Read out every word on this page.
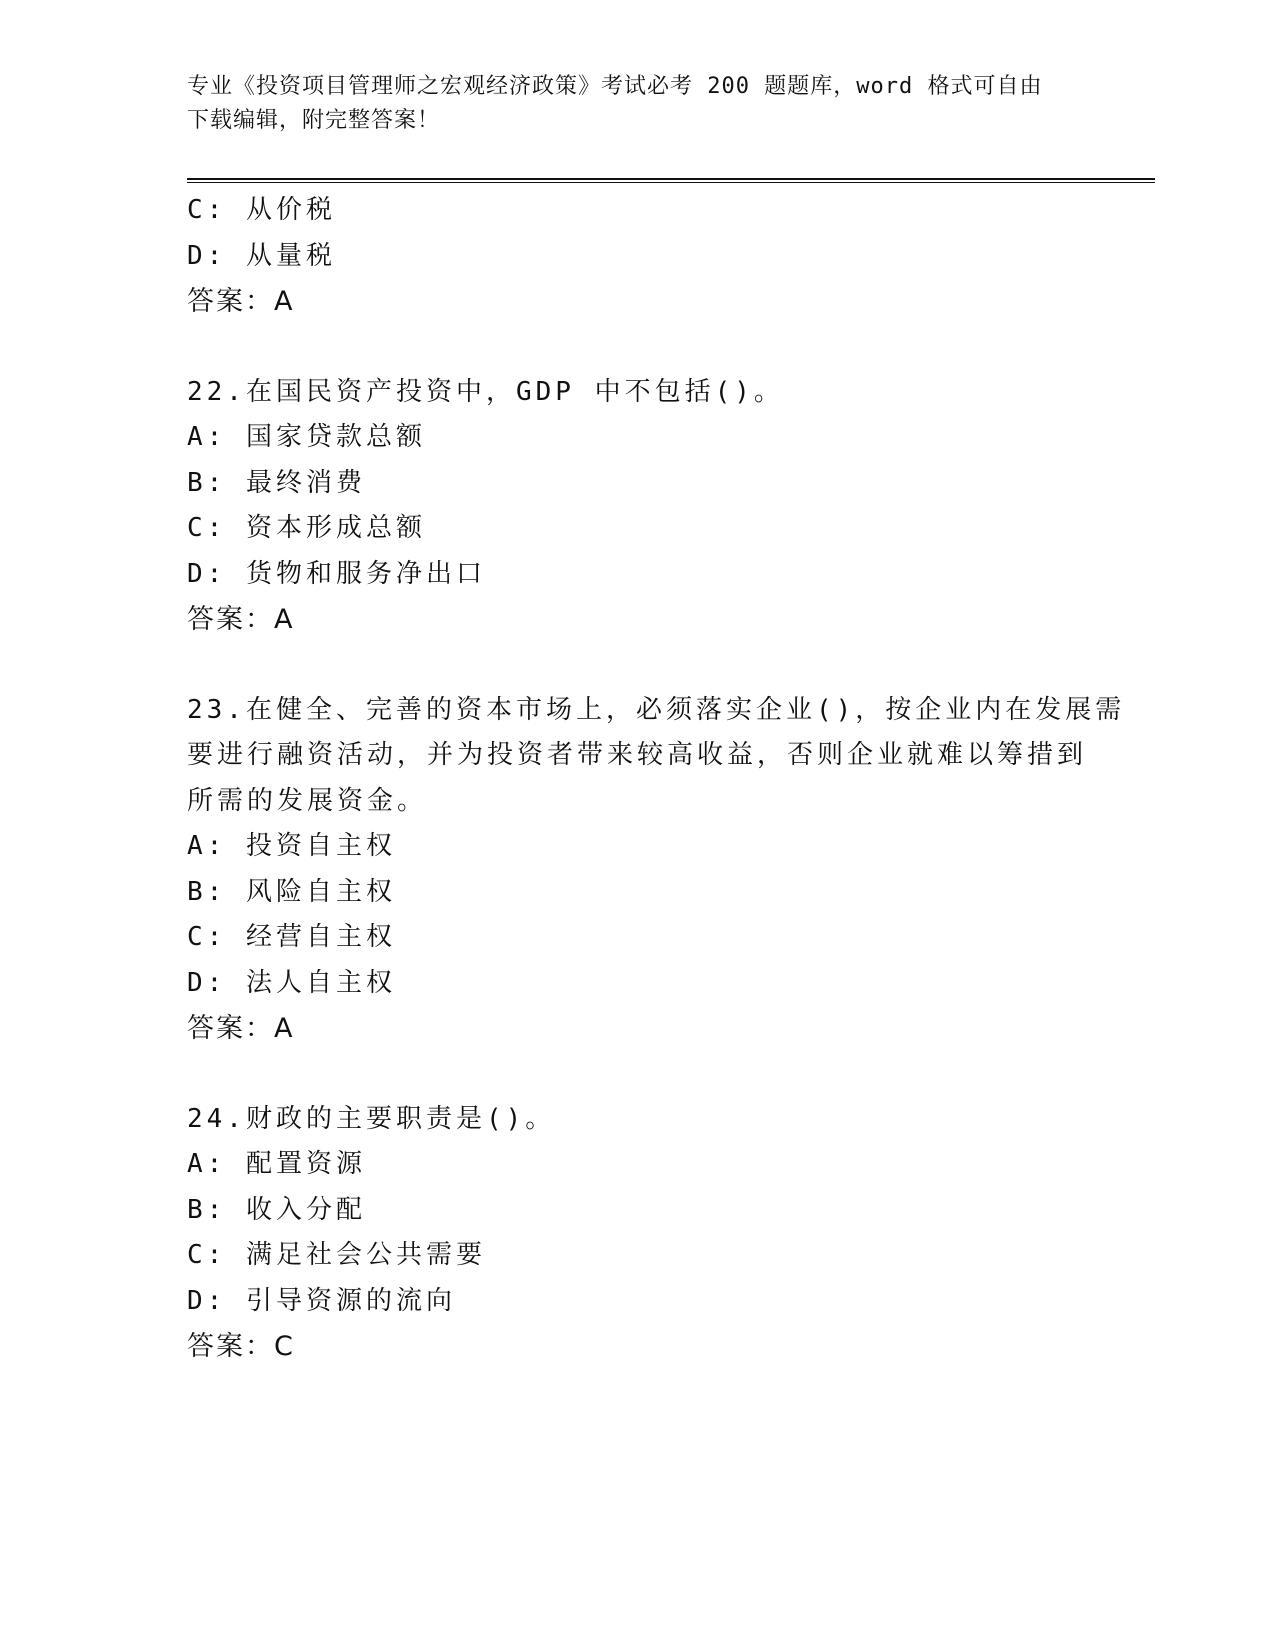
专业《投资项目管理师之宏观经济政策》考试必考 200 题题库，word 格式可自由
下载编辑，附完整答案！
C: 从价税
D: 从量税
答案：A
22.在国民资产投资中，GDP 中不包括()。
A: 国家贷款总额
B: 最终消费
C: 资本形成总额
D: 货物和服务净出口
答案：A
23.在健全、完善的资本市场上，必须落实企业()，按企业内在发展需
要进行融资活动，并为投资者带来较高收益，否则企业就难以筹措到
所需的发展资金。
A: 投资自主权
B: 风险自主权
C: 经营自主权
D: 法人自主权
答案：A
24.财政的主要职责是()。
A: 配置资源
B: 收入分配
C: 满足社会公共需要
D: 引导资源的流向
答案：C
